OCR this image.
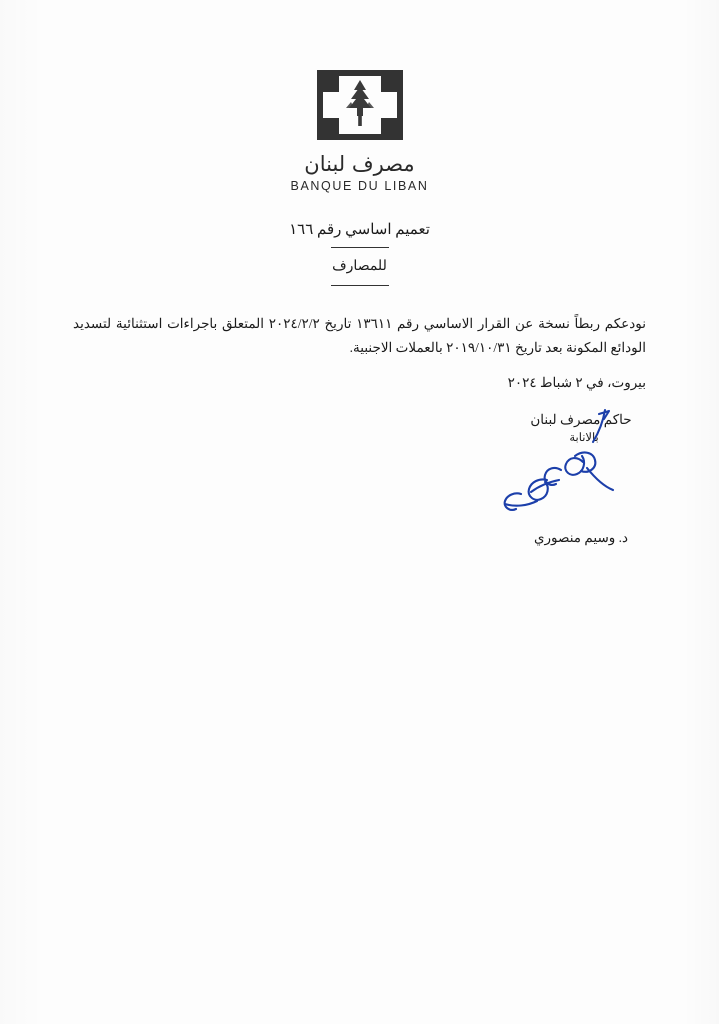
مصرف لبنان
BANQUE DU LIBAN
تعميم اساسي رقم ١٦٦
للمصارف
نودعكم ربطاً نسخة عن القرار الاساسي رقم ١٣٦١١ تاريخ ٢٠٢٤/٢/٢ المتعلق باجراءات استثنائية لتسديد الودائع المكونة بعد تاريخ ٢٠١٩/١٠/٣١ بالعملات الاجنبية.
بيروت، في ٢ شباط ٢٠٢٤
حاكم مصرف لبنان
بالانابة
د. وسيم منصوري
